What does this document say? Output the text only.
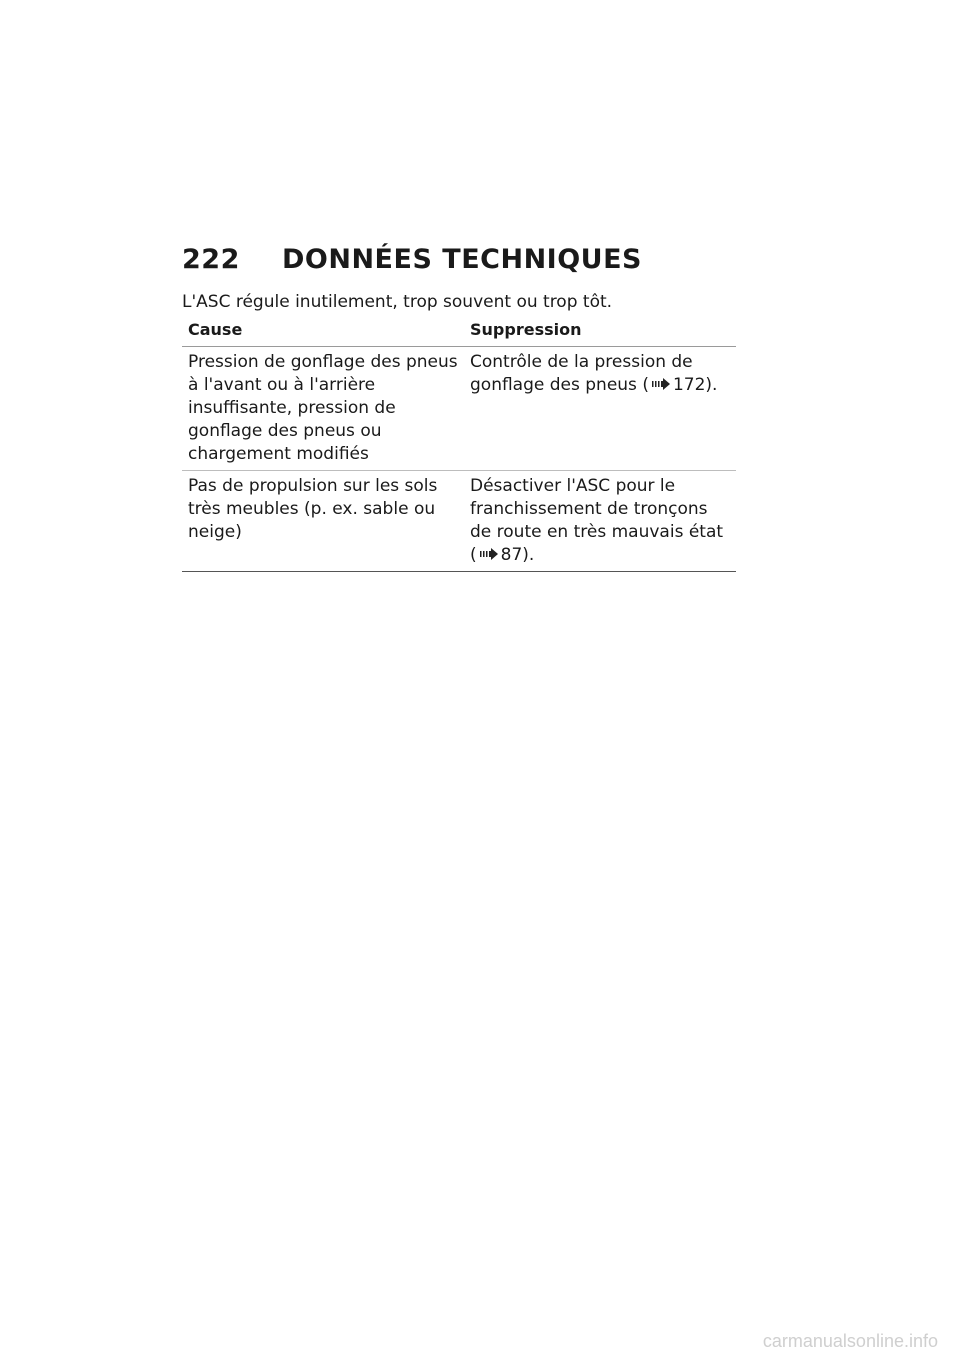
222	DONNÉES TECHNIQUES
L'ASC régule inutilement, trop souvent ou trop tôt.
Cause	Suppression
Pression de gonflage des pneus à l'avant ou à l'arrière insuffisante, pression de gonflage des pneus ou chargement modifiés	Contrôle de la pression de gonflage des pneus ( 172).
Pas de propulsion sur les sols très meubles (p. ex. sable ou neige)	Désactiver l'ASC pour le franchissement de tronçons de route en très mauvais état ( 87).
carmanualsonline.info
